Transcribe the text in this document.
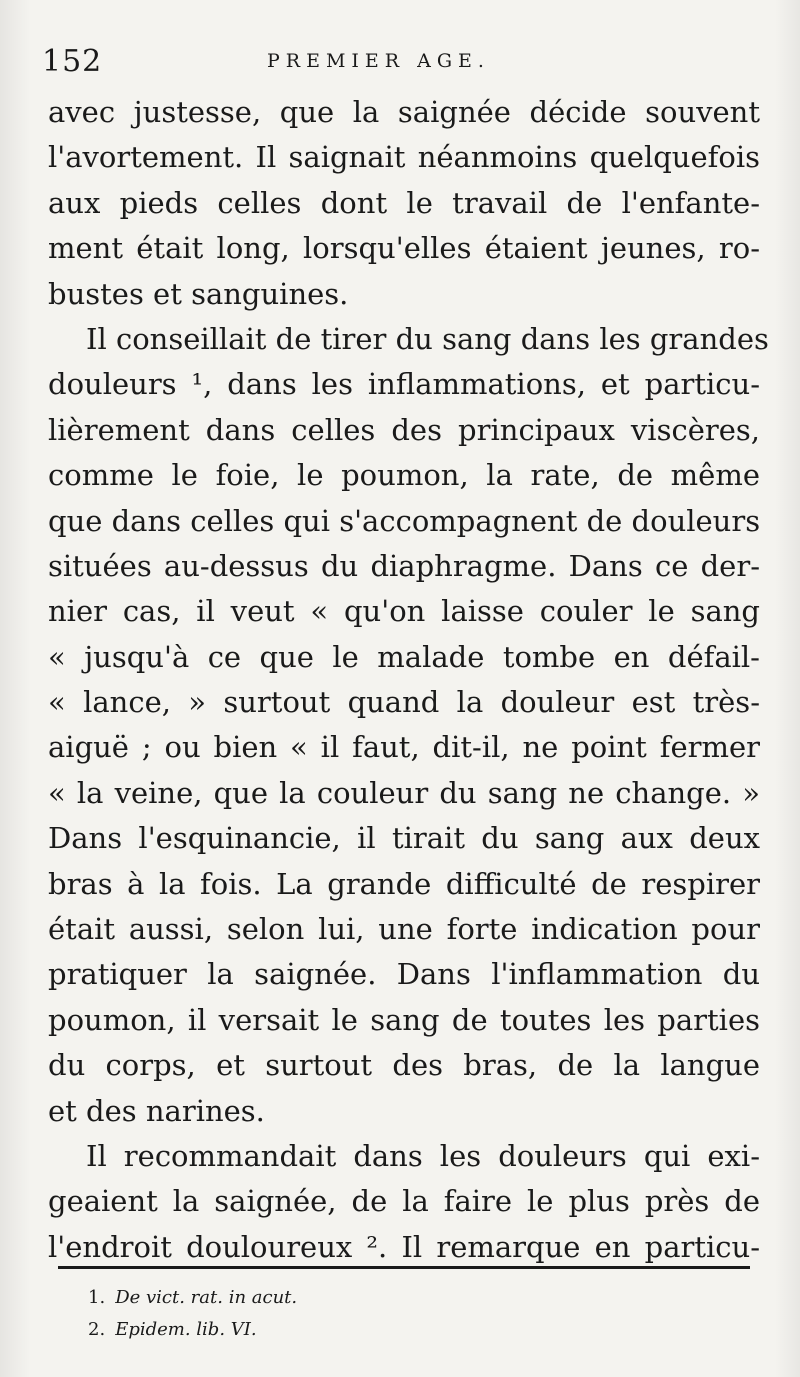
152	PREMIER AGE.
avec justesse, que la saignée décide souvent
l'avortement. Il saignait néanmoins quelquefois
aux pieds celles dont le travail de l'enfante-
ment était long, lorsqu'elles étaient jeunes, ro-
bustes et sanguines.
Il conseillait de tirer du sang dans les grandes
douleurs ¹, dans les inflammations, et particu-
lièrement dans celles des principaux viscères,
comme le foie, le poumon, la rate, de même
que dans celles qui s'accompagnent de douleurs
situées au-dessus du diaphragme. Dans ce der-
nier cas, il veut « qu'on laisse couler le sang
« jusqu'à ce que le malade tombe en défail-
« lance, » surtout quand la douleur est très-
aiguë ; ou bien « il faut, dit-il, ne point fermer
« la veine, que la couleur du sang ne change. »
Dans l'esquinancie, il tirait du sang aux deux
bras à la fois. La grande difficulté de respirer
était aussi, selon lui, une forte indication pour
pratiquer la saignée. Dans l'inflammation du
poumon, il versait le sang de toutes les parties
du corps, et surtout des bras, de la langue
et des narines.
Il recommandait dans les douleurs qui exi-
geaient la saignée, de la faire le plus près de
l'endroit douloureux ². Il remarque en particu-
1. De vict. rat. in acut.
2. Epidem. lib. VI.
